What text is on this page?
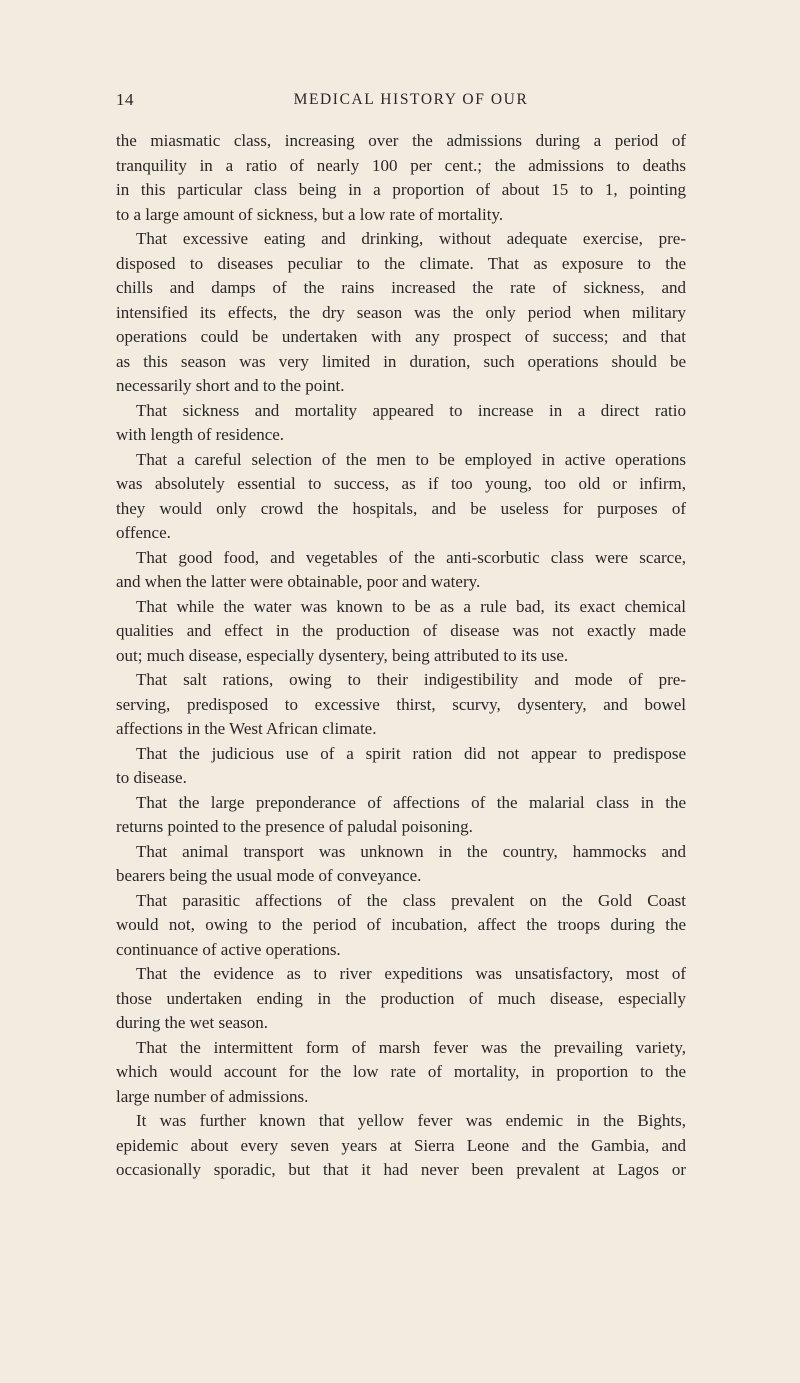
14	MEDICAL HISTORY OF OUR
the miasmatic class, increasing over the admissions during a period of
tranquility in a ratio of nearly 100 per cent.; the admissions to deaths
in this particular class being in a proportion of about 15 to 1, pointing
to a large amount of sickness, but a low rate of mortality.
That excessive eating and drinking, without adequate exercise, pre-
disposed to diseases peculiar to the climate. That as exposure to the
chills and damps of the rains increased the rate of sickness, and
intensified its effects, the dry season was the only period when military
operations could be undertaken with any prospect of success; and that
as this season was very limited in duration, such operations should be
necessarily short and to the point.
That sickness and mortality appeared to increase in a direct ratio
with length of residence.
That a careful selection of the men to be employed in active operations
was absolutely essential to success, as if too young, too old or infirm,
they would only crowd the hospitals, and be useless for purposes of
offence.
That good food, and vegetables of the anti-scorbutic class were scarce,
and when the latter were obtainable, poor and watery.
That while the water was known to be as a rule bad, its exact chemical
qualities and effect in the production of disease was not exactly made
out; much disease, especially dysentery, being attributed to its use.
That salt rations, owing to their indigestibility and mode of pre-
serving, predisposed to excessive thirst, scurvy, dysentery, and bowel
affections in the West African climate.
That the judicious use of a spirit ration did not appear to predispose
to disease.
That the large preponderance of affections of the malarial class in the
returns pointed to the presence of paludal poisoning.
That animal transport was unknown in the country, hammocks and
bearers being the usual mode of conveyance.
That parasitic affections of the class prevalent on the Gold Coast
would not, owing to the period of incubation, affect the troops during the
continuance of active operations.
That the evidence as to river expeditions was unsatisfactory, most of
those undertaken ending in the production of much disease, especially
during the wet season.
That the intermittent form of marsh fever was the prevailing variety,
which would account for the low rate of mortality, in proportion to the
large number of admissions.
It was further known that yellow fever was endemic in the Bights,
epidemic about every seven years at Sierra Leone and the Gambia, and
occasionally sporadic, but that it had never been prevalent at Lagos or
